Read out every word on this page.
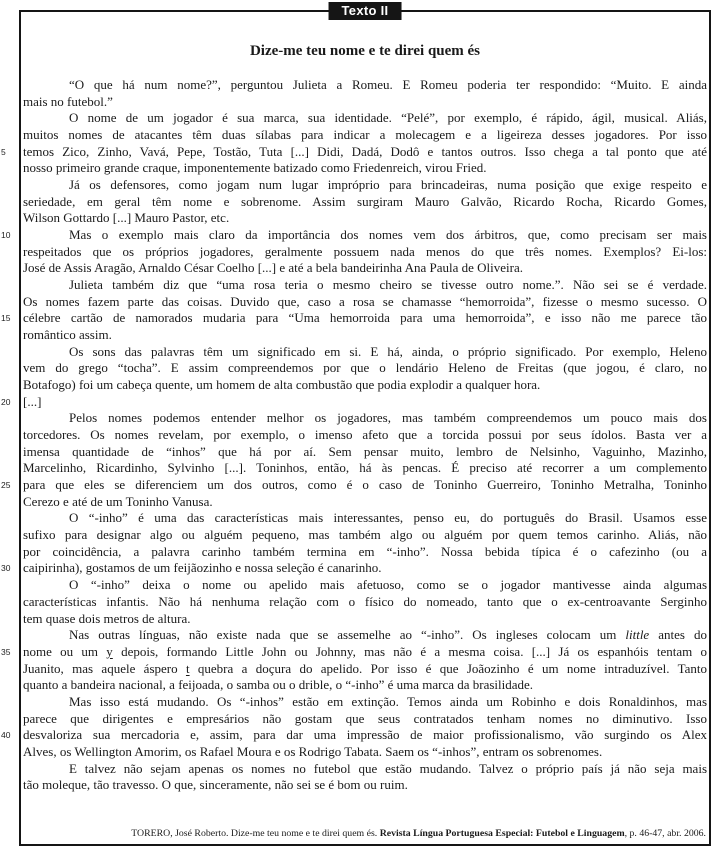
Texto II
Dize-me teu nome e te direi quem és
“O que há num nome?”, perguntou Julieta a Romeu. E Romeu poderia ter respondido: “Muito. E ainda
mais no futebol.”
O nome de um jogador é sua marca, sua identidade. “Pelé”, por exemplo, é rápido, ágil, musical. Aliás,
muitos nomes de atacantes têm duas sílabas para indicar a molecagem e a ligeireza desses jogadores. Por isso
5	temos Zico, Zinho, Vavá, Pepe, Tostão, Tuta [...] Didi, Dadá, Dodô e tantos outros. Isso chega a tal ponto que até
nosso primeiro grande craque, imponentemente batizado como Friedenreich, virou Fried.
Já os defensores, como jogam num lugar impróprio para brincadeiras, numa posição que exige respeito e
seriedade, em geral têm nome e sobrenome. Assim surgiram Mauro Galvão, Ricardo Rocha, Ricardo Gomes,
Wilson Gottardo [...] Mauro Pastor, etc.
10	Mas o exemplo mais claro da importância dos nomes vem dos árbitros, que, como precisam ser mais
respeitados que os próprios jogadores, geralmente possuem nada menos do que três nomes. Exemplos? Ei-los:
José de Assis Aragão, Arnaldo César Coelho [...] e até a bela bandeirinha Ana Paula de Oliveira.
Julieta também diz que “uma rosa teria o mesmo cheiro se tivesse outro nome.”. Não sei se é verdade.
Os nomes fazem parte das coisas. Duvido que, caso a rosa se chamasse “hemorroida”, fizesse o mesmo sucesso. O
15 célebre cartão de namorados mudaria para “Uma hemorroida para uma hemorroida”, e isso não me parece tão
romântico assim.
Os sons das palavras têm um significado em si. E há, ainda, o próprio significado. Por exemplo, Heleno
vem do grego “tocha”. E assim compreendemos por que o lendário Heleno de Freitas (que jogou, é claro, no
Botafogo) foi um cabeça quente, um homem de alta combustão que podia explodir a qualquer hora.
20 [...]
Pelos nomes podemos entender melhor os jogadores, mas também compreendemos um pouco mais dos
torcedores. Os nomes revelam, por exemplo, o imenso afeto que a torcida possui por seus ídolos. Basta ver a
imensa quantidade de “inhos” que há por aí. Sem pensar muito, lembro de Nelsinho, Vaguinho, Mazinho,
Marcelinho, Ricardinho, Sylvinho [...]. Toninhos, então, há às pencas. É preciso até recorrer a um complemento
25 para que eles se diferenciem um dos outros, como é o caso de Toninho Guerreiro, Toninho Metralha, Toninho
Cerezo e até de um Toninho Vanusa.
O “-inho” é uma das características mais interessantes, penso eu, do português do Brasil. Usamos esse
sufixo para designar algo ou alguém pequeno, mas também algo ou alguém por quem temos carinho. Aliás, não
por coincidência, a palavra carinho também termina em “-inho”. Nossa bebida típica é o cafezinho (ou a
30 caipirinha), gostamos de um feijãozinho e nossa seleção é canarinho.
O “-inho” deixa o nome ou apelido mais afetuoso, como se o jogador mantivesse ainda algumas
características infantis. Não há nenhuma relação com o físico do nomeado, tanto que o ex-centroavante Serginho
tem quase dois metros de altura.
Nas outras línguas, não existe nada que se assemelhe ao “-inho”. Os ingleses colocam um little antes do
35 nome ou um y depois, formando Little John ou Johnny, mas não é a mesma coisa. [...] Já os espanhóis tentam o
Juanito, mas aquele áspero t quebra a doçura do apelido. Por isso é que Joãozinho é um nome intraduzível. Tanto
quanto a bandeira nacional, a feijoada, o samba ou o drible, o “-inho” é uma marca da brasilidade.
Mas isso está mudando. Os “-inhos” estão em extinção. Temos ainda um Robinho e dois Ronaldinhos, mas
parece que dirigentes e empresários não gostam que seus contratados tenham nomes no diminutivo. Isso
40 desvaloriza sua mercadoria e, assim, para dar uma impressão de maior profissionalismo, vão surgindo os Alex
Alves, os Wellington Amorim, os Rafael Moura e os Rodrigo Tabata. Saem os “-inhos”, entram os sobrenomes.
E talvez não sejam apenas os nomes no futebol que estão mudando. Talvez o próprio país já não seja mais
tão moleque, tão travesso. O que, sinceramente, não sei se é bom ou ruim.
TORERO, José Roberto. Dize-me teu nome e te direi quem és. Revista Língua Portuguesa Especial: Futebol e Linguagem, p. 46-47, abr. 2006.
